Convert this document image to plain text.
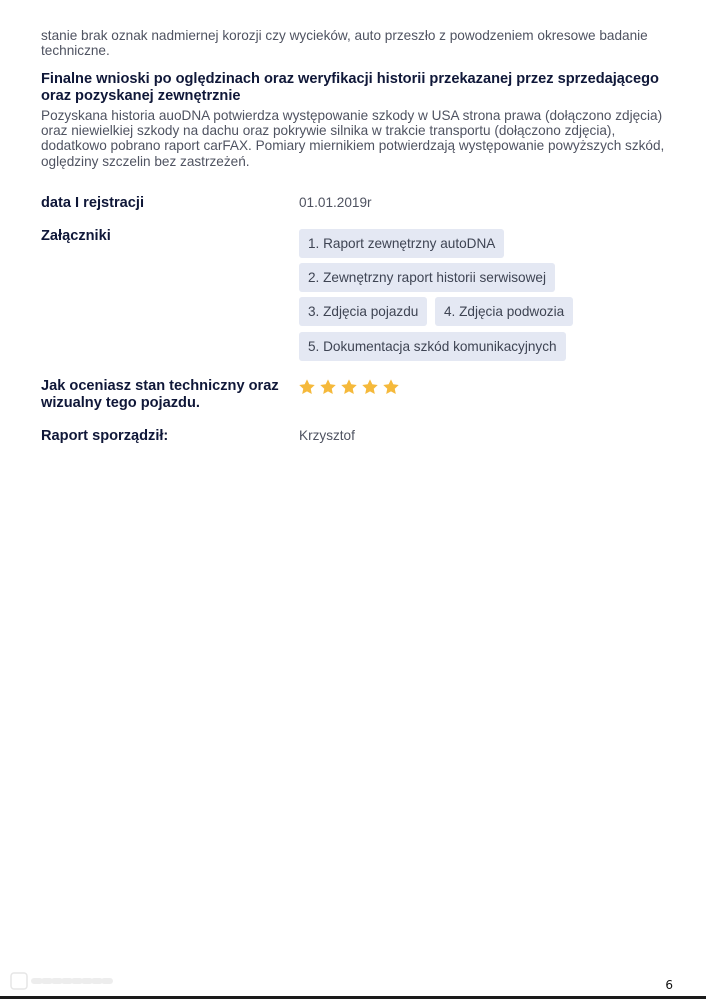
stanie brak oznak nadmiernej korozji czy wycieków, auto przeszło z powodzeniem okresowe badanie techniczne.
Finalne wnioski po oględzinach oraz weryfikacji historii przekazanej przez sprzedającego oraz pozyskanej zewnętrznie
Pozyskana historia auoDNA potwierdza występowanie szkody w USA strona prawa (dołączono zdjęcia) oraz niewielkiej szkody na dachu oraz pokrywie silnika w trakcie transportu (dołączono zdjęcia), dodatkowo pobrano raport carFAX. Pomiary miernikiem potwierdzają występowanie powyższych szkód, oględziny szczelin bez zastrzeżeń.
data I rejstracji	01.01.2019r
Załączniki	1. Raport zewnętrzny autoDNA
2. Zewnętrzny raport historii serwisowej
3. Zdjęcia pojazdu	4. Zdjęcia podwozia
5. Dokumentacja szkód komunikacyjnych
Jak oceniasz stan techniczny oraz wizualny tego pojazdu.
Raport sporządził:	Krzysztof
6
